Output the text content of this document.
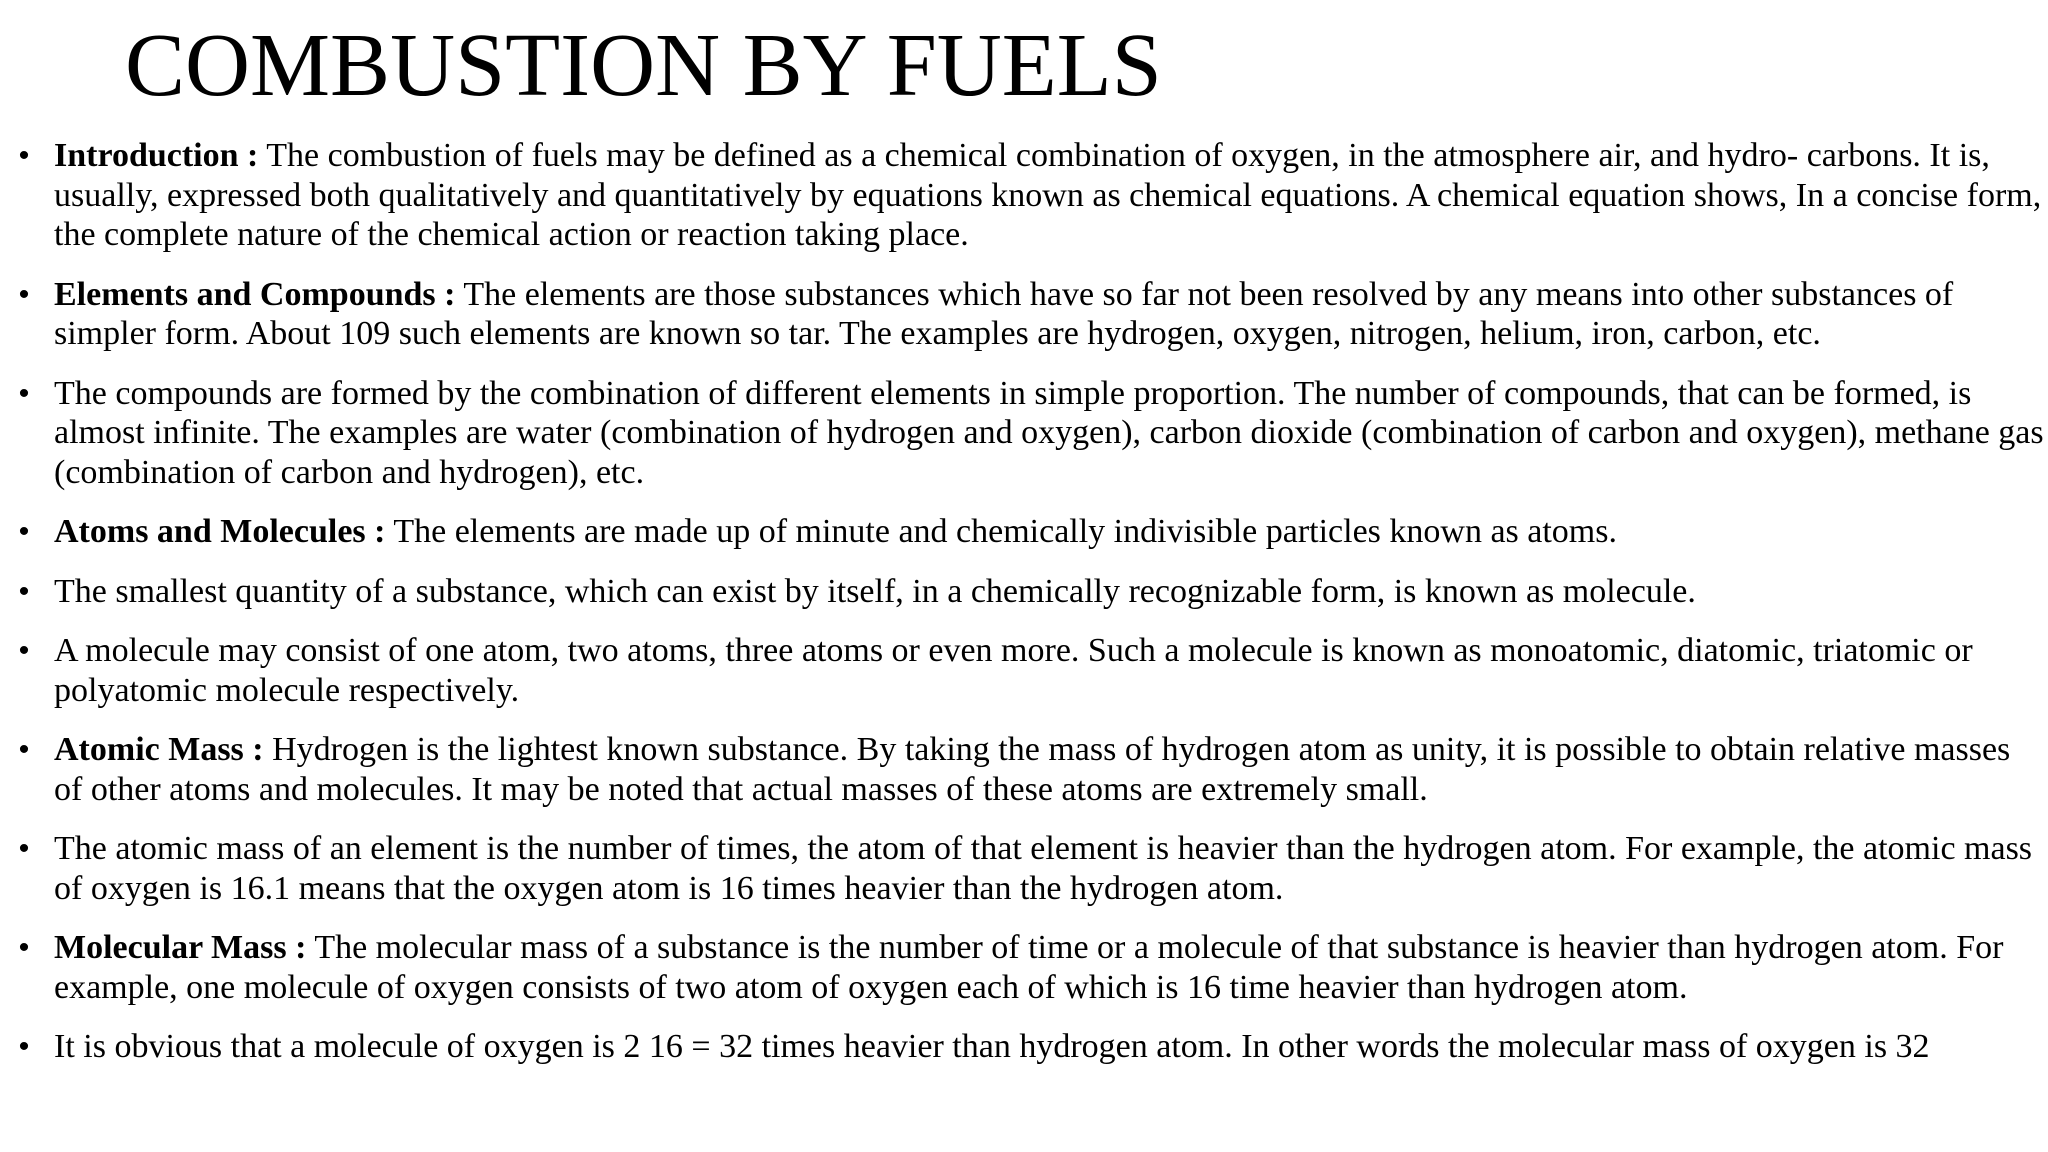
COMBUSTION BY FUELS
• Introduction : The combustion of fuels may be defined as a chemical combination of oxygen, in the atmosphere air, and hydro- carbons. It is, usually, expressed both qualitatively and quantitatively by equations known as chemical equations. A chemical equation shows, In a concise form, the complete nature of the chemical action or reaction taking place.
• Elements and Compounds : The elements are those substances which have so far not been resolved by any means into other substances of simpler form. About 109 such elements are known so tar. The examples are hydrogen, oxygen, nitrogen, helium, iron, carbon, etc.
• The compounds are formed by the combination of different elements in simple proportion. The number of compounds, that can be formed, is almost infinite. The examples are water (combination of hydrogen and oxygen), carbon dioxide (combination of carbon and oxygen), methane gas (combination of carbon and hydrogen), etc.
• Atoms and Molecules : The elements are made up of minute and chemically indivisible particles known as atoms.
• The smallest quantity of a substance, which can exist by itself, in a chemically recognizable form, is known as molecule.
• A molecule may consist of one atom, two atoms, three atoms or even more. Such a molecule is known as monoatomic, diatomic, triatomic or polyatomic molecule respectively.
• Atomic Mass : Hydrogen is the lightest known substance. By taking the mass of hydrogen atom as unity, it is possible to obtain relative masses of other atoms and molecules. It may be noted that actual masses of these atoms are extremely small.
• The atomic mass of an element is the number of times, the atom of that element is heavier than the hydrogen atom. For example, the atomic mass of oxygen is 16.1 means that the oxygen atom is 16 times heavier than the hydrogen atom.
• Molecular Mass : The molecular mass of a substance is the number of time or a molecule of that substance is heavier than hydrogen atom. For example, one molecule of oxygen consists of two atom of oxygen each of which is 16 time heavier than hydrogen atom.
• It is obvious that a molecule of oxygen is 2 16 = 32 times heavier than hydrogen atom. In other words the molecular mass of oxygen is 32
